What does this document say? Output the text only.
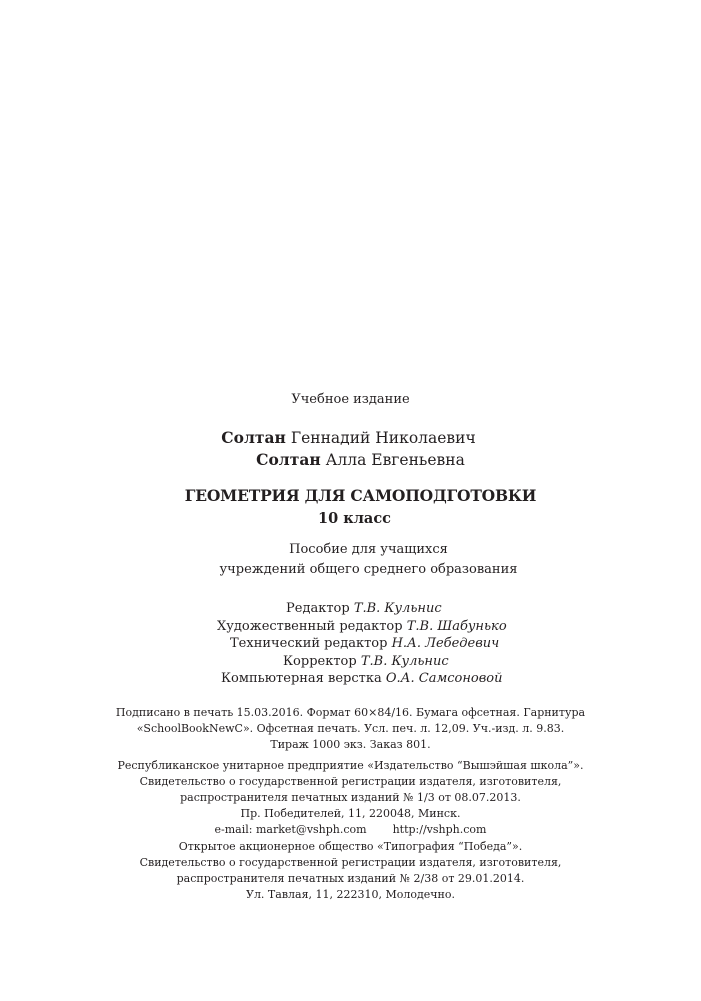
Учебное издание
Солтан Геннадий Николаевич
Солтан Алла Евгеньевна
ГЕОМЕТРИЯ ДЛЯ САМОПОДГОТОВКИ
10 класс
Пособие для учащихся
учреждений общего среднего образования
Редактор Т.В. Кульнис
Художественный редактор Т.В. Шабунько
Технический редактор Н.А. Лебедевич
Корректор Т.В. Кульнис
Компьютерная верстка О.А. Самсоновой
Подписано в печать 15.03.2016. Формат 60×84/16. Бумага офсетная. Гарнитура
«SchoolBookNewC». Офсетная печать. Усл. печ. л. 12,09. Уч.-изд. л. 9.83.
Тираж 1000 экз. Заказ 801.
Республиканское унитарное предприятие «Издательство “Вышэйшая школа”».
Свидетельство о государственной регистрации издателя, изготовителя,
распространителя печатных изданий № 1/3 от 08.07.2013.
Пр. Победителей, 11, 220048, Минск.
e-mail: market@vshph.com http://vshph.com
Открытое акционерное общество «Типография “Победа”».
Свидетельство о государственной регистрации издателя, изготовителя,
распространителя печатных изданий № 2/38 от 29.01.2014.
Ул. Тавлая, 11, 222310, Молодечно.
